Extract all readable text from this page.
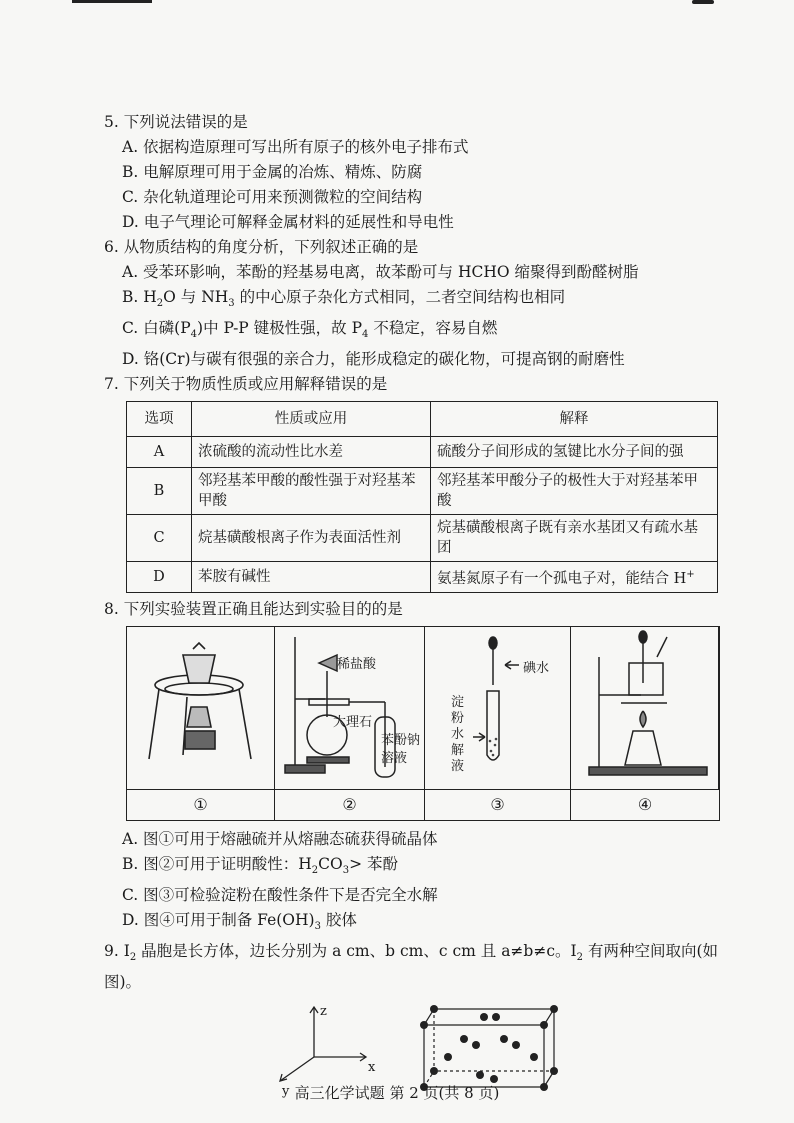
5. 下列说法错误的是
A. 依据构造原理可写出所有原子的核外电子排布式
B. 电解原理可用于金属的冶炼、精炼、防腐
C. 杂化轨道理论可用来预测微粒的空间结构
D. 电子气理论可解释金属材料的延展性和导电性
6. 从物质结构的角度分析，下列叙述正确的是
A. 受苯环影响，苯酚的羟基易电离，故苯酚可与 HCHO 缩聚得到酚醛树脂
B. $H_2O$ 与 $NH_3$ 的中心原子杂化方式相同，二者空间结构也相同
C. 白磷$(P_4)$中 P-P 键极性强，故 $P_4$ 不稳定，容易自燃
D. 铬(Cr)与碳有很强的亲合力，能形成稳定的碳化物，可提高钢的耐磨性
7. 下列关于物质性质或应用解释错误的是
选项	性质或应用	解释
A	浓硫酸的流动性比水差	硫酸分子间形成的氢键比水分子间的强
B	邻羟基苯甲酸的酸性强于对羟基苯甲酸	邻羟基苯甲酸分子的极性大于对羟基苯甲酸
C	烷基磺酸根离子作为表面活性剂	烷基磺酸根离子既有亲水基团又有疏水基团
D	苯胺有碱性	氨基氮原子有一个孤电子对，能结合 H+
8. 下列实验装置正确且能达到实验目的的是
稀盐酸
大理石
苯酚钠
溶液
碘水
淀
粉
水
解
液
①	②	③	④
A. 图①可用于熔融硫并从熔融态硫获得硫晶体
B. 图②可用于证明酸性：$H_2CO_3>$ 苯酚
C. 图③可检验淀粉在酸性条件下是否完全水解
D. 图④可用于制备 $Fe(OH)_3$ 胶体
9. $I_2$ 晶胞是长方体，边长分别为 a cm、b cm、c cm 且 a≠b≠c。$I_2$ 有两种空间取向(如图)。
z
x
y 高三化学试题 第 2 页(共 8 页)
